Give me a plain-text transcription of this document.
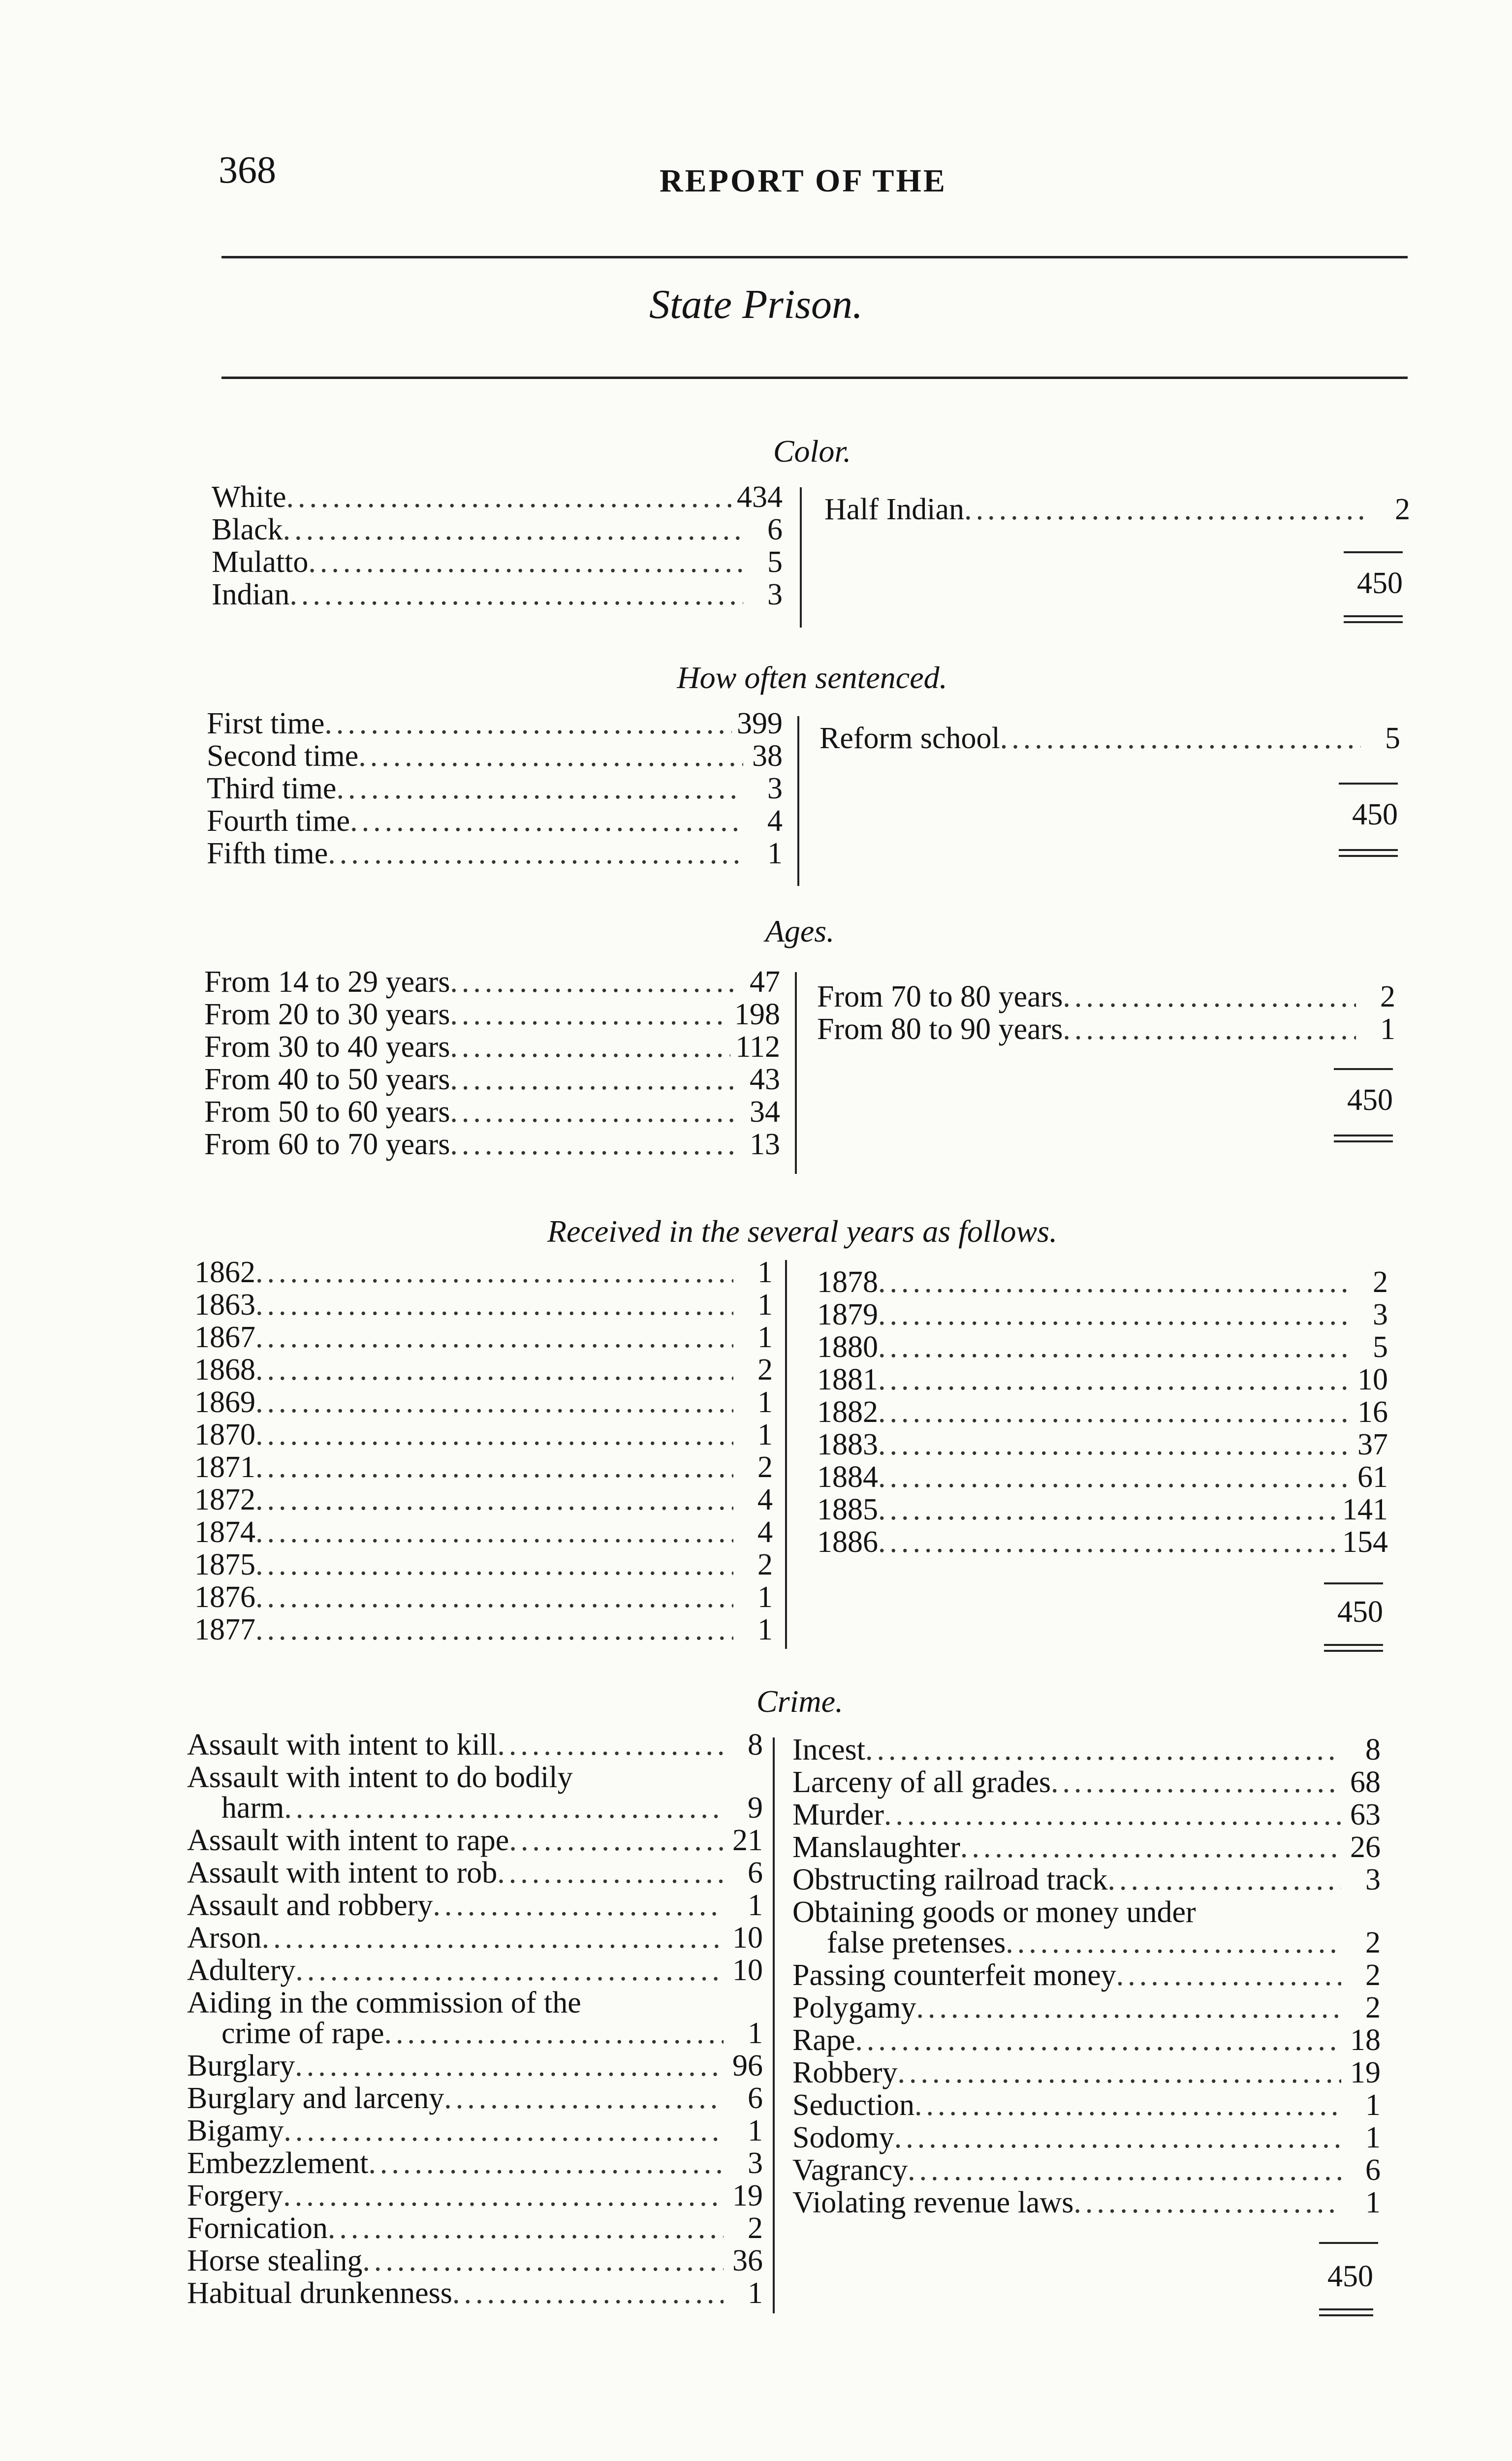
368	REPORT OF THE
State Prison.
Color.
White .....	434
Black .....	6
Mulatto .....	5
Indian .....	3
Half Indian .....	2
450
How often sentenced.
First time .....	399
Second time .....	38
Third time .....	3
Fourth time .....	4
Fifth time .....	1
Reform school .....	5
450
Ages.
From 14 to 29 years .....	47
From 20 to 30 years .....	198
From 30 to 40 years .....	112
From 40 to 50 years .....	43
From 50 to 60 years .....	34
From 60 to 70 years .....	13
From 70 to 80 years .....	2
From 80 to 90 years .....	1
450
Received in the several years as follows.
1862 .....	1
1863 .....	1
1867 .....	1
1868 .....	2
1869 .....	1
1870 .....	1
1871 .....	2
1872 .....	4
1874 .....	4
1875 .....	2
1876 .....	1
1877 .....	1
1878 .....	2
1879 .....	3
1880 .....	5
1881 .....	10
1882 .....	16
1883 .....	37
1884 .....	61
1885 .....	141
1886 .....	154
450
Crime.
Assault with intent to kill .....	8
Assault with intent to do bodily
harm .....	9
Assault with intent to rape .....	21
Assault with intent to rob .....	6
Assault and robbery .....	1
Arson .....	10
Adultery .....	10
Aiding in the commission of the
crime of rape .....	1
Burglary .....	96
Burglary and larceny .....	6
Bigamy .....	1
Embezzlement .....	3
Forgery .....	19
Fornication .....	2
Horse stealing .....	36
Habitual drunkenness .....	1
Incest .....	8
Larceny of all grades .....	68
Murder .....	63
Manslaughter .....	26
Obstructing railroad track .....	3
Obtaining goods or money under
false pretenses .....	2
Passing counterfeit money .....	2
Polygamy .....	2
Rape .....	18
Robbery .....	19
Seduction .....	1
Sodomy .....	1
Vagrancy .....	6
Violating revenue laws .....	1
450
